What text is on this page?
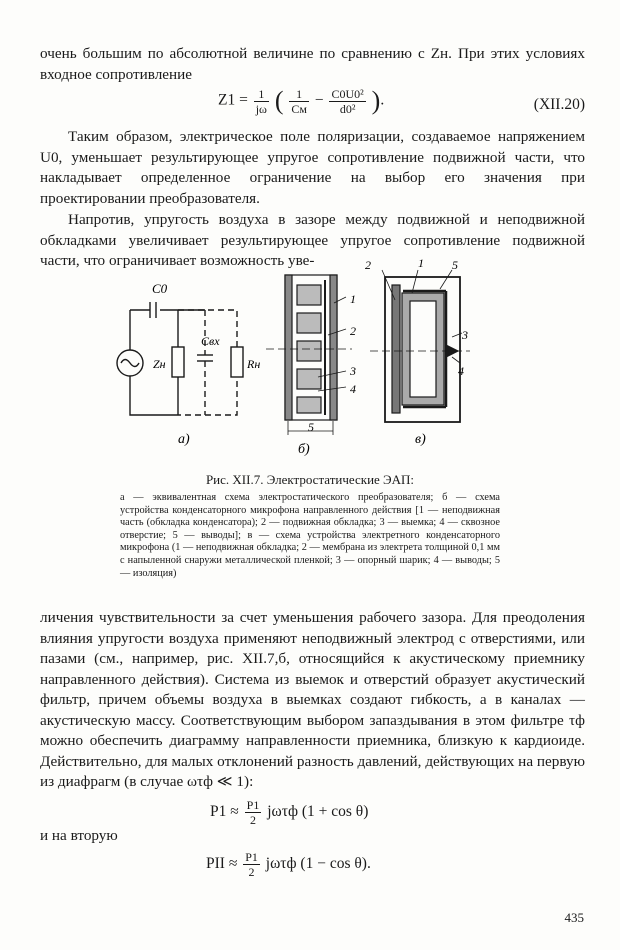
очень большим по абсолютной величине по сравнению с Zн. При этих условиях входное сопротивление

$Z1 = \frac{1}{j\omega}$ ( $\frac{1}{Cм} - \frac{\text{C0U0²}}{\text{d0²}}$ ).	(XII.20)

Таким образом, электрическое поле поляризации, создаваемое напряжением U0, уменьшает результирующее упругое сопротивление подвижной части, что накладывает определенное ограничение на выбор его значения при проектировании преобразователя.

Напротив, упругость воздуха в зазоре между подвижной и неподвижной обкладками увеличивает результирующее упругое сопротивление подвижной части, что ограничивает возможность уве-

C0
Cвх
Zн	Rн
а)
1
2
3
4
5
б)
2	1 5
3
4
в)
Рис. XII.7. Электростатические ЭАП:

а — эквивалентная схема электростатического преобразователя; б — схема устройства конденсаторного микрофона направленного действия [1 — неподвижная часть (обкладка конденсатора); 2 — подвижная обкладка; 3 — выемка; 4 — сквозное отверстие; 5 — выводы]; в — схема устройства электретного конденсаторного микрофона (1 — неподвижная обкладка; 2 — мембрана из электрета толщиной 0,1 мм с напыленной снаружи металлической пленкой; 3 — опорный шарик; 4 — выводы; 5 — изоляция)

личения чувствительности за счет уменьшения рабочего зазора. Для преодоления влияния упругости воздуха применяют неподвижный электрод с отверстиями, или пазами (см., например, рис. XII.7,б, относящийся к акустическому приемнику направленного действия). Система из выемок и отверстий образует акустический фильтр, причем объемы воздуха в выемках создают гибкость, а в каналах — акустическую массу. Соответствующим выбором запаздывания в этом фильтре τф можно обеспечить диаграмму направленности приемника, близкую к кардиоиде. Действительно, для малых отклонений разность давлений, действующих на первую из диафрагм (в случае ωτф ≪ 1):

$P1 \approx \frac{P1}{2}$ jωτф (1 + cos θ)

и на вторую

PII ≈ $\frac{P1}{2}$ jωτф (1 − cos θ).
435
